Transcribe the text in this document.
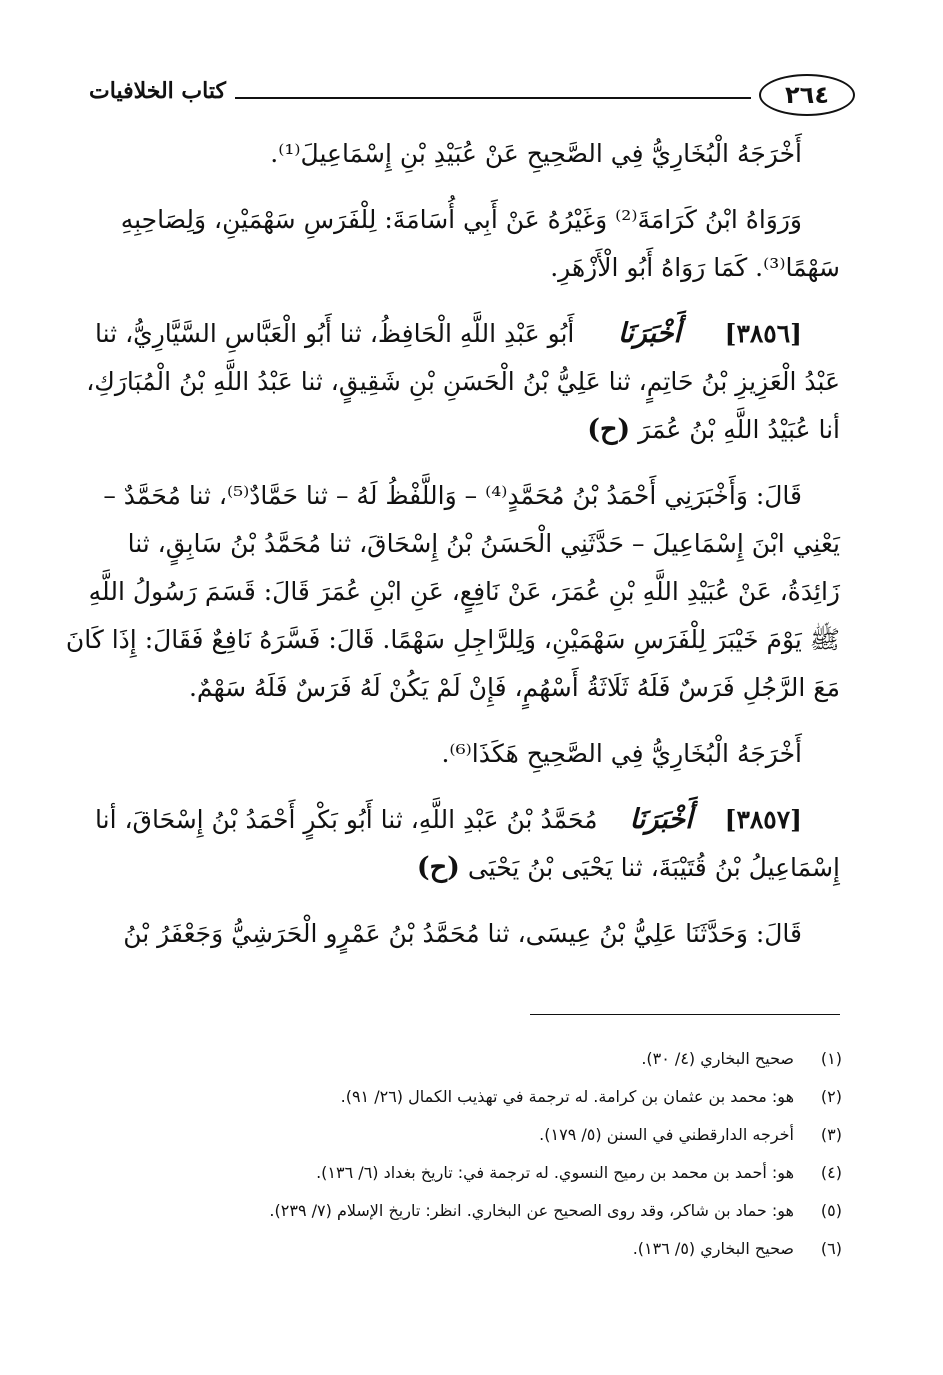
٢٦٤
كتاب الخلافيات
أَخْرَجَهُ الْبُخَارِيُّ فِي الصَّحِيحِ عَنْ عُبَيْدِ بْنِ إِسْمَاعِيلَ⁽¹⁾.
وَرَوَاهُ ابْنُ كَرَامَةَ⁽²⁾ وَغَيْرُهُ عَنْ أَبِي أُسَامَةَ: لِلْفَرَسِ سَهْمَيْنِ، وَلِصَاحِبِهِ
سَهْمًا⁽³⁾. كَمَا رَوَاهُ أَبُو الْأَزْهَرِ.
[٣٨٥٦]
أَخْبَرَنَا
أَبُو عَبْدِ اللَّهِ الْحَافِظُ، ثنا أَبُو الْعَبَّاسِ السَّيَّارِيُّ، ثنا
عَبْدُ الْعَزِيزِ بْنُ حَاتِمٍ، ثنا عَلِيُّ بْنُ الْحَسَنِ بْنِ شَقِيقٍ، ثنا عَبْدُ اللَّهِ بْنُ الْمُبَارَكِ،
أنا عُبَيْدُ اللَّهِ بْنُ عُمَرَ

(ح)
قَالَ: وَأَخْبَرَنِي أَحْمَدُ بْنُ مُحَمَّدٍ⁽⁴⁾ – وَاللَّفْظُ لَهُ – ثنا حَمَّادٌ⁽⁵⁾، ثنا مُحَمَّدٌ –
يَعْنِي ابْنَ إِسْمَاعِيلَ – حَدَّثَنِي الْحَسَنُ بْنُ إِسْحَاقَ، ثنا مُحَمَّدُ بْنُ سَابِقٍ، ثنا
زَائِدَةُ، عَنْ عُبَيْدِ اللَّهِ بْنِ عُمَرَ، عَنْ نَافِعٍ، عَنِ ابْنِ عُمَرَ قَالَ: قَسَمَ رَسُولُ اللَّهِ
ﷺ يَوْمَ خَيْبَرَ لِلْفَرَسِ سَهْمَيْنِ، وَلِلرَّاجِلِ سَهْمًا. قَالَ: فَسَّرَهُ نَافِعٌ فَقَالَ: إِذَا كَانَ
مَعَ الرَّجُلِ فَرَسٌ فَلَهُ ثَلَاثَةُ أَسْهُمٍ، فَإِنْ لَمْ يَكُنْ لَهُ فَرَسٌ فَلَهُ سَهْمٌ.
أَخْرَجَهُ الْبُخَارِيُّ فِي الصَّحِيحِ هَكَذَا⁽⁶⁾.
[٣٨٥٧]
أَخْبَرَنَا
مُحَمَّدُ بْنُ عَبْدِ اللَّهِ، ثنا أَبُو بَكْرٍ أَحْمَدُ بْنُ إِسْحَاقَ، أنا
إِسْمَاعِيلُ بْنُ قُتَيْبَةَ، ثنا يَحْيَى بْنُ يَحْيَى

(ح)
قَالَ: وَحَدَّثَنَا عَلِيُّ بْنُ عِيسَى، ثنا مُحَمَّدُ بْنُ عَمْرٍو الْحَرَشِيُّ وَجَعْفَرُ بْنُ
(١)
صحيح البخاري (٤/ ٣٠).
(٢)
هو: محمد بن عثمان بن كرامة. له ترجمة في تهذيب الكمال (٢٦/ ٩١).
(٣)
أخرجه الدارقطني في السنن (٥/ ١٧٩).
(٤)
هو: أحمد بن محمد بن رميح النسوي. له ترجمة في: تاريخ بغداد (٦/ ١٣٦).
(٥)
هو: حماد بن شاكر، وقد روى الصحيح عن البخاري. انظر: تاريخ الإسلام (٧/ ٢٣٩).
(٦)
صحيح البخاري (٥/ ١٣٦).
